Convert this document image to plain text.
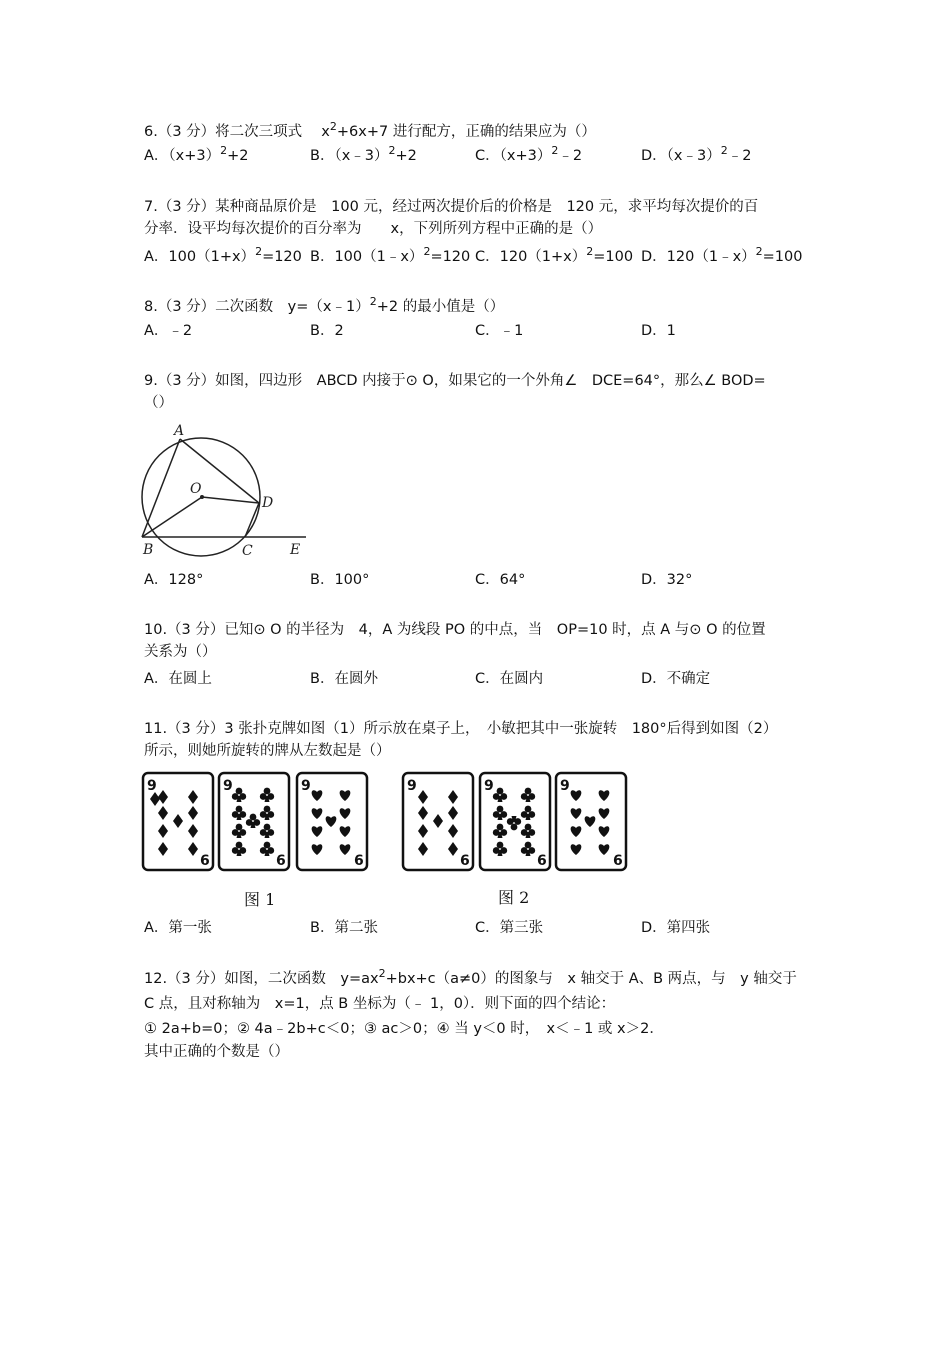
6.（3 分）将二次三项式　 $x^2+6x+7$ 进行配方，正确的结果应为（）
A．$(x+3)^2+2$	B．（x﹣3）$^2$+2	C．$(x+3)^2﹣2$	D．（x﹣3）$^2$﹣2
7.（3 分）某种商品原价是　100 元，经过两次提价后的价格是　120 元，求平均每次提价的百
分率．设平均每次提价的百分率为　　x，下列所列方程中正确的是（）
A．$100(1+x)^2=120$ B．100（1﹣x）$^2$=120 C．$120(1+x)^2=100$ D．120（1﹣x）$^2$=100
8.（3 分）二次函数　y=（x﹣1）$^2$+2 的最小值是（）
A．﹣2	B．2	C．﹣1	D．1
9.（3 分）如图，四边形　ABCD 内接于⊙ O，如果它的一个外角∠　DCE=64°，那么∠ BOD=
（）
A
O
D
B	C	E
A．128°	B．100°	C．64°	D．32°
10.（3 分）已知⊙ O 的半径为　4，A 为线段 PO 的中点，当　OP=10 时，点 A 与⊙ O 的位置
关系为（）
A．在圆上	B．在圆外	C．在圆内	D．不确定
11.（3 分）3 张扑克牌如图（1）所示放在桌子上，　小敏把其中一张旋转　180°后得到如图（2）
所示，则她所旋转的牌从左数起是（）
9
6
9
6
9
6
9
6
9
6
9
6
图 1	图 2
A．第一张	B．第二张	C．第三张	D．第四张
12.（3 分）如图，二次函数　$y=ax^2+bx+c(a\ne 0)$的图象与　x 轴交于 A、B 两点，与　y 轴交于
C 点，且对称轴为　x=1，点 B 坐标为（﹣ 1，0）．则下面的四个结论：
① 2a+b=0；② 4a﹣2b+c＜0；③ ac＞0；④ 当 y＜0 时，　x＜﹣1 或 x＞2．
其中正确的个数是（）
